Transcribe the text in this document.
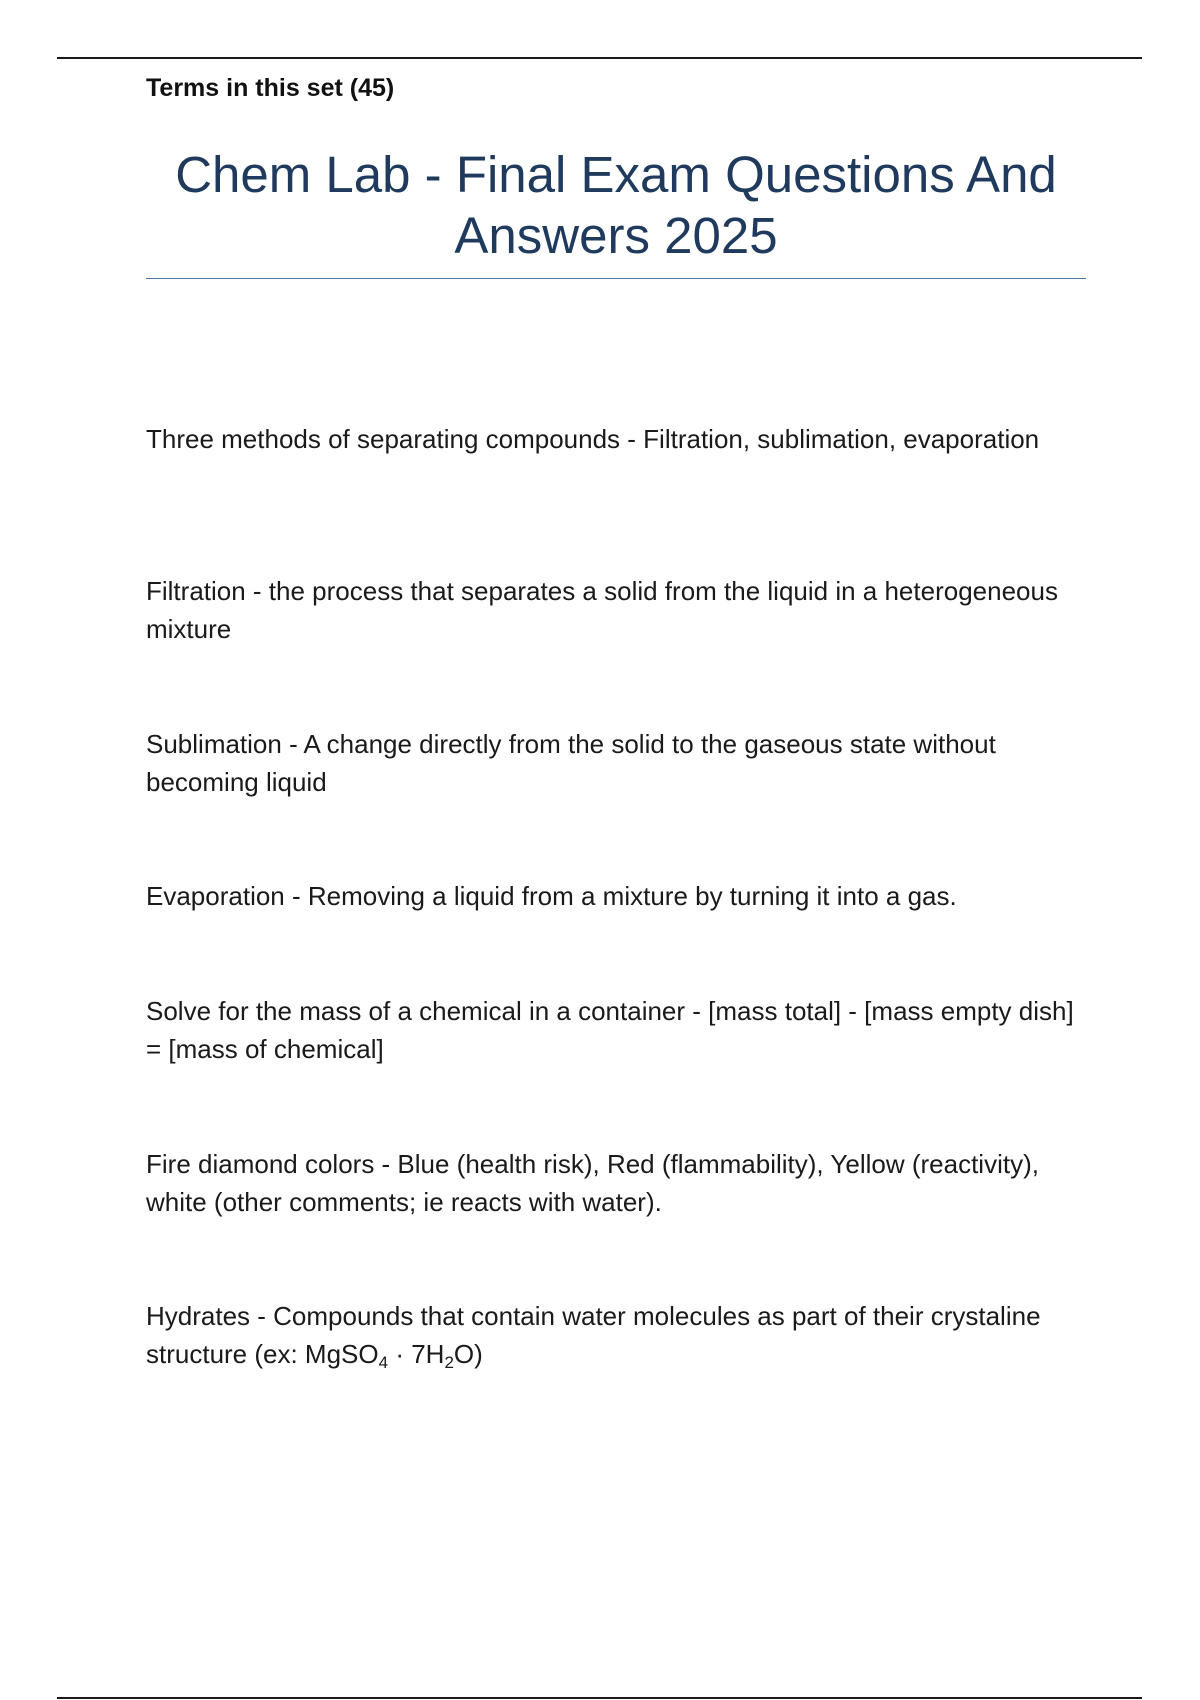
Terms in this set (45)
Chem Lab - Final Exam Questions And Answers 2025
Three methods of separating compounds - Filtration, sublimation, evaporation
Filtration - the process that separates a solid from the liquid in a heterogeneous mixture
Sublimation - A change directly from the solid to the gaseous state without becoming liquid
Evaporation - Removing a liquid from a mixture by turning it into a gas.
Solve for the mass of a chemical in a container - [mass total] - [mass empty dish] = [mass of chemical]
Fire diamond colors - Blue (health risk), Red (flammability), Yellow (reactivity), white (other comments; ie reacts with water).
Hydrates - Compounds that contain water molecules as part of their crystaline structure (ex: MgSO$_4$ · $7H_2O$)
